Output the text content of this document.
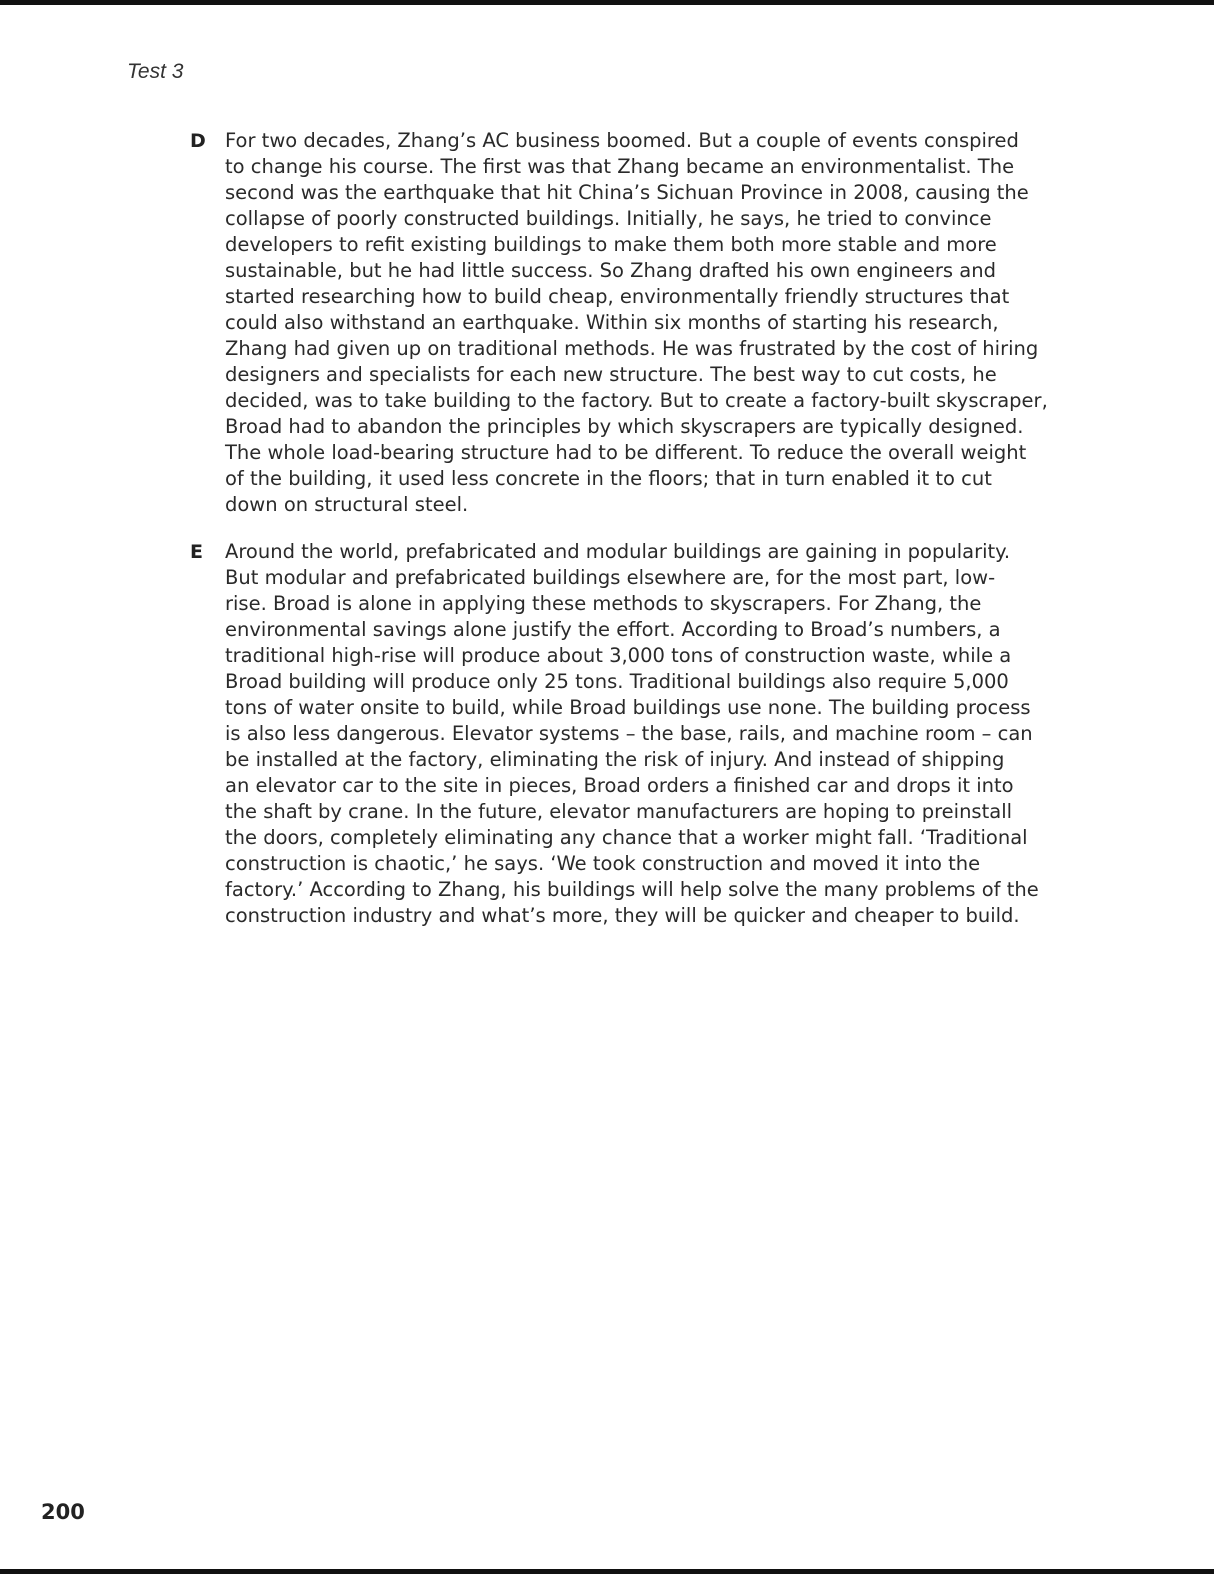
Test 3
D For two decades, Zhang’s AC business boomed. But a couple of events conspired
to change his course. The first was that Zhang became an environmentalist. The
second was the earthquake that hit China’s Sichuan Province in 2008, causing the
collapse of poorly constructed buildings. Initially, he says, he tried to convince
developers to refit existing buildings to make them both more stable and more
sustainable, but he had little success. So Zhang drafted his own engineers and
started researching how to build cheap, environmentally friendly structures that
could also withstand an earthquake. Within six months of starting his research,
Zhang had given up on traditional methods. He was frustrated by the cost of hiring
designers and specialists for each new structure. The best way to cut costs, he
decided, was to take building to the factory. But to create a factory-built skyscraper,
Broad had to abandon the principles by which skyscrapers are typically designed.
The whole load-bearing structure had to be different. To reduce the overall weight
of the building, it used less concrete in the floors; that in turn enabled it to cut
down on structural steel.
E Around the world, prefabricated and modular buildings are gaining in popularity.
But modular and prefabricated buildings elsewhere are, for the most part, low-
rise. Broad is alone in applying these methods to skyscrapers. For Zhang, the
environmental savings alone justify the effort. According to Broad’s numbers, a
traditional high-rise will produce about 3,000 tons of construction waste, while a
Broad building will produce only 25 tons. Traditional buildings also require 5,000
tons of water onsite to build, while Broad buildings use none. The building process
is also less dangerous. Elevator systems – the base, rails, and machine room – can
be installed at the factory, eliminating the risk of injury. And instead of shipping
an elevator car to the site in pieces, Broad orders a finished car and drops it into
the shaft by crane. In the future, elevator manufacturers are hoping to preinstall
the doors, completely eliminating any chance that a worker might fall. ‘Traditional
construction is chaotic,’ he says. ‘We took construction and moved it into the
factory.’ According to Zhang, his buildings will help solve the many problems of the
construction industry and what’s more, they will be quicker and cheaper to build.
200
